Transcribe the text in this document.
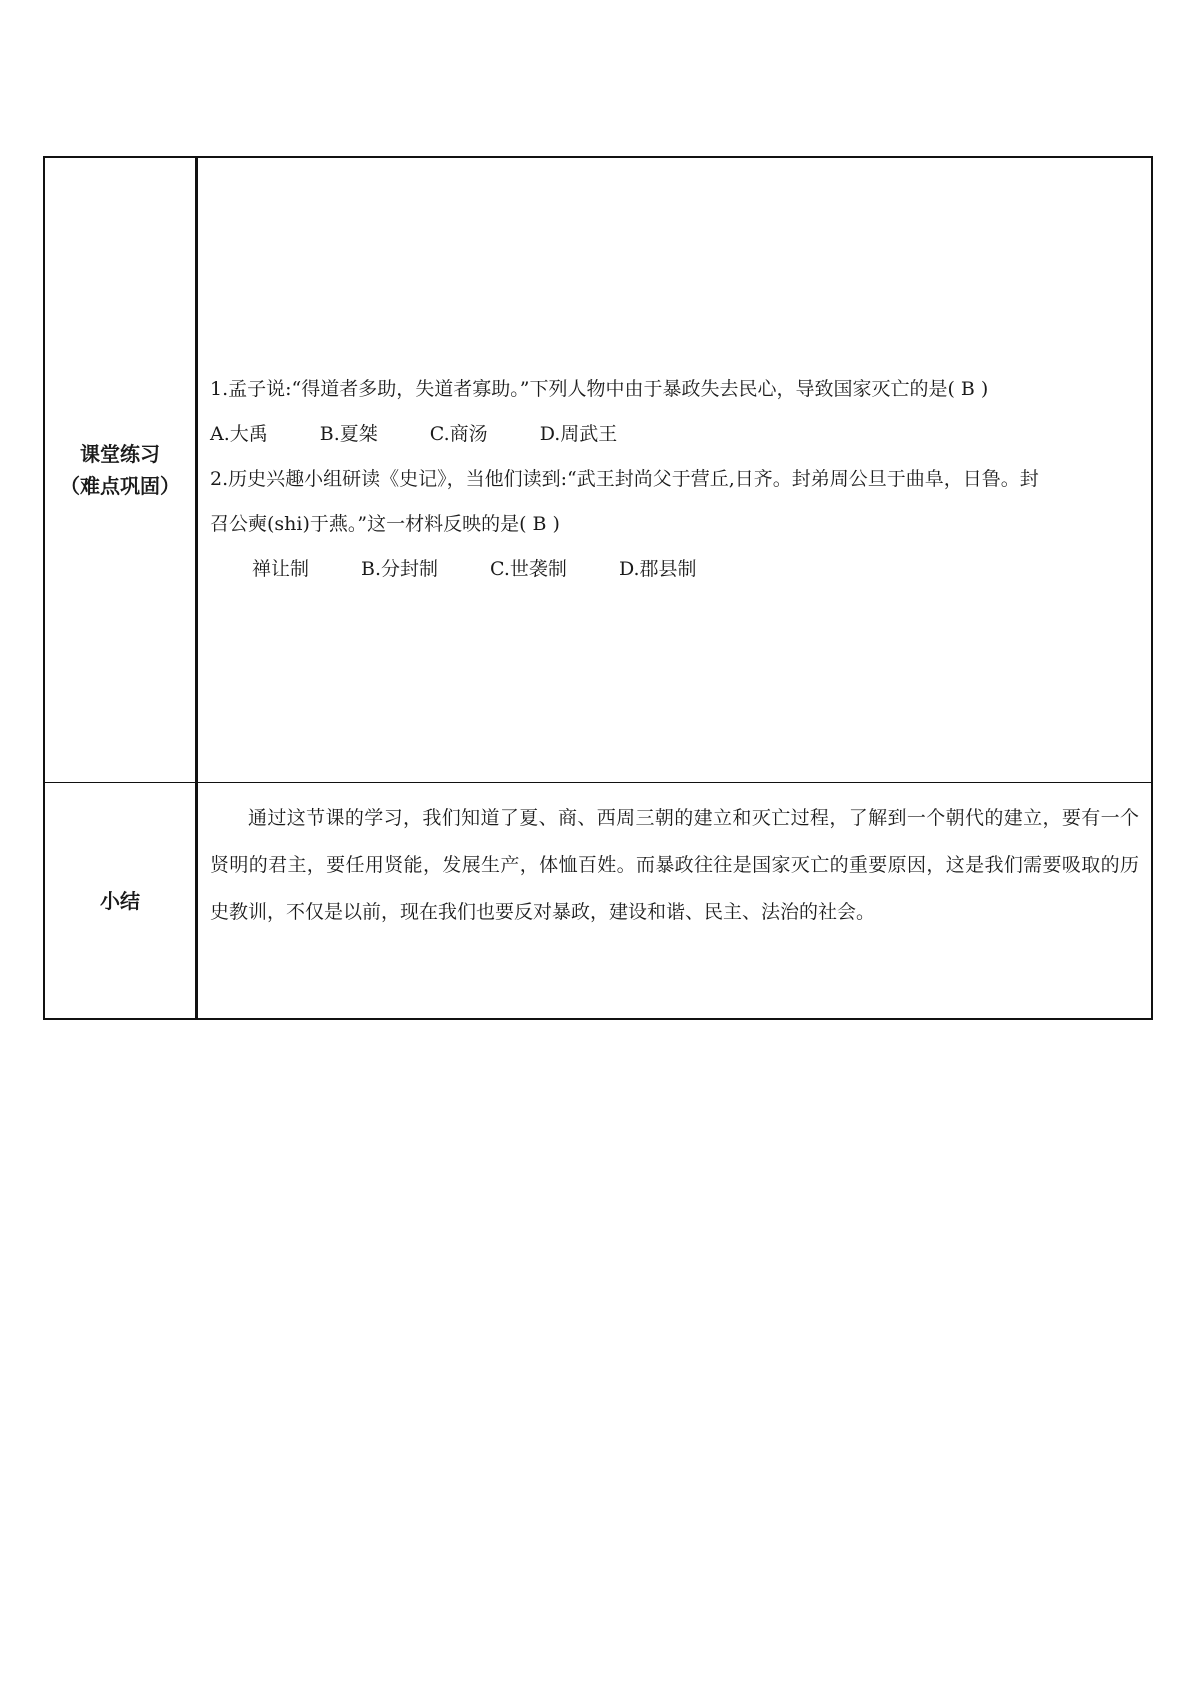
课堂练习
（难点巩固）
1.孟子说:“得道者多助，失道者寡助。”下列人物中由于暴政失去民心，导致国家灭亡的是( B )
A.大禹	B.夏桀	C.商汤	D.周武王
2.历史兴趣小组研读《史记》，当他们读到:“武王封尚父于营丘,日齐。封弟周公旦于曲阜，日鲁。封
召公奭(shi)于燕。”这一材料反映的是( B )
禅让制	B.分封制	C.世袭制	D.郡县制
小结

通过这节课的学习，我们知道了夏、商、西周三朝的建立和灭亡过程，了解到一个朝代的建立，要有一个贤明的君主，要任用贤能，发展生产，体恤百姓。而暴政往往是国家灭亡的重要原因，这是我们需要吸取的历史教训，不仅是以前，现在我们也要反对暴政，建设和谐、民主、法治的社会。
